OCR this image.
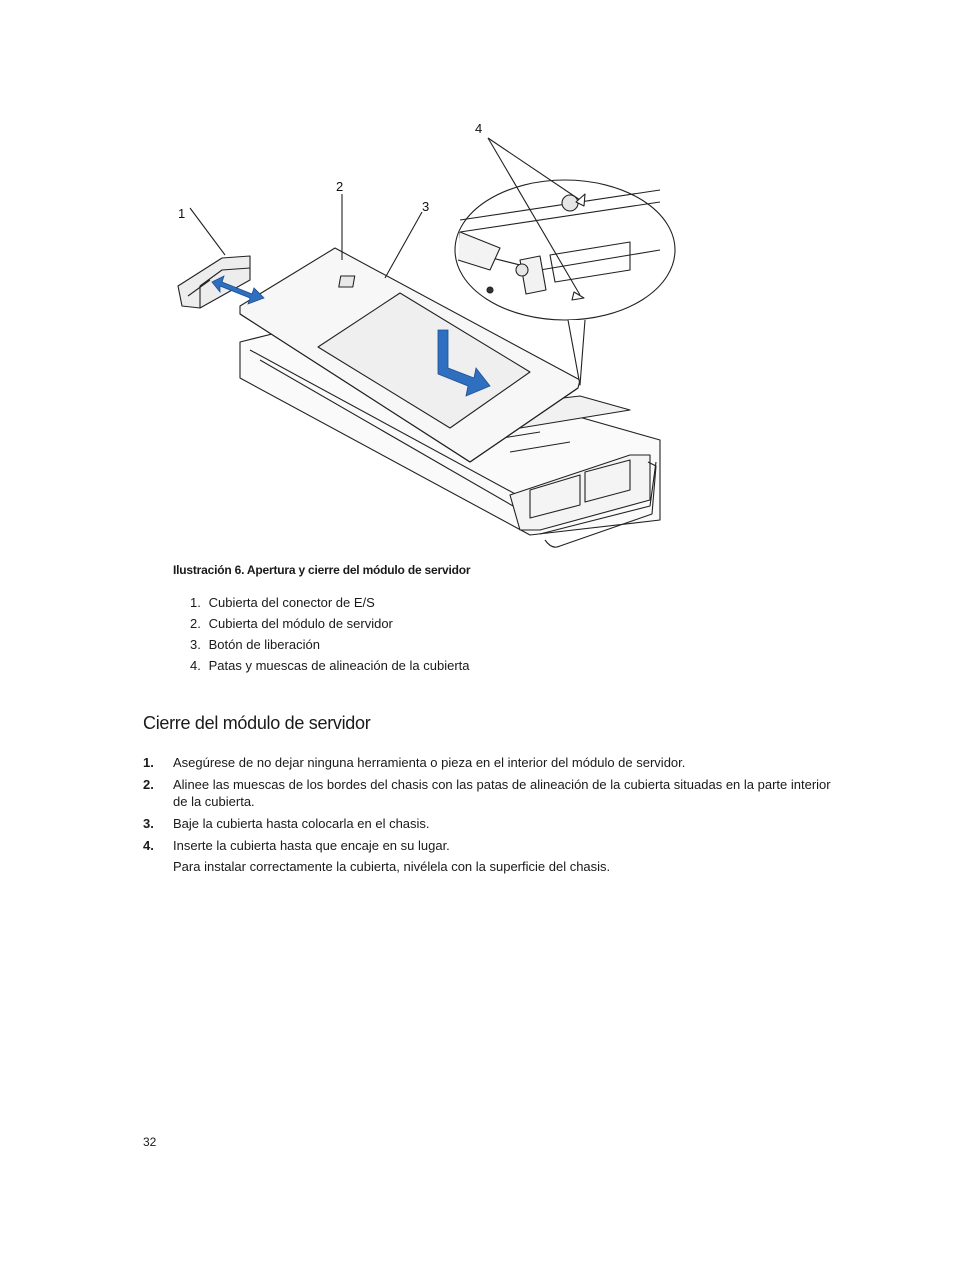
1
2
3
4
Ilustración 6. Apertura y cierre del módulo de servidor
1. Cubierta del conector de E/S
2. Cubierta del módulo de servidor
3. Botón de liberación
4. Patas y muescas de alineación de la cubierta
Cierre del módulo de servidor
1. Asegúrese de no dejar ninguna herramienta o pieza en el interior del módulo de servidor.
2. Alinee las muescas de los bordes del chasis con las patas de alineación de la cubierta situadas en la parte interior de la cubierta.
3. Baje la cubierta hasta colocarla en el chasis.
4. Inserte la cubierta hasta que encaje en su lugar.
Para instalar correctamente la cubierta, nivélela con la superficie del chasis.
32
